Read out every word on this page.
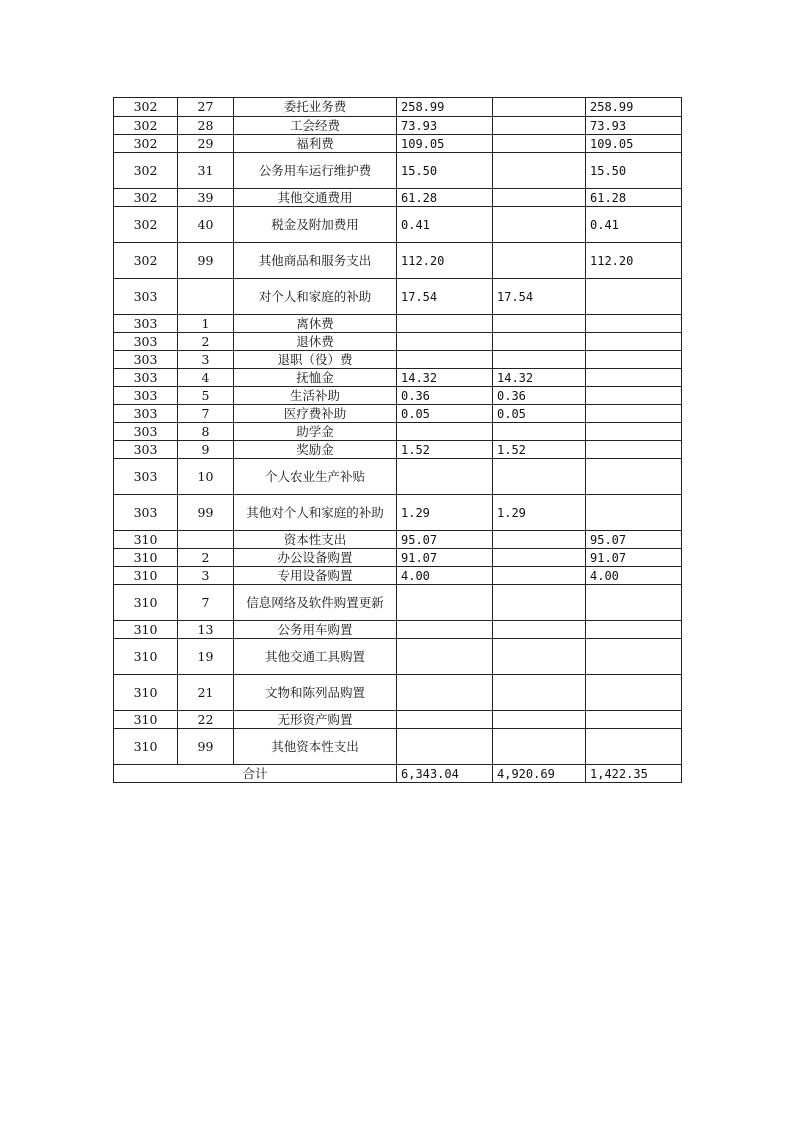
302	27	委托业务费	258.99		258.99
302	28	工会经费	73.93		73.93
302	29	福利费	109.05		109.05
302	31	公务用车运行维护费	15.50		15.50
302	39	其他交通费用	61.28		61.28
302	40	税金及附加费用	0.41		0.41
302	99	其他商品和服务支出	112.20		112.20
303		对个人和家庭的补助	17.54	17.54	
303	1	离休费			
303	2	退休费			
303	3	退职（役）费			
303	4	抚恤金	14.32	14.32	
303	5	生活补助	0.36	0.36	
303	7	医疗费补助	0.05	0.05	
303	8	助学金			
303	9	奖励金	1.52	1.52	
303	10	个人农业生产补贴			
303	99	其他对个人和家庭的补助	1.29	1.29	
310		资本性支出	95.07		95.07
310	2	办公设备购置	91.07		91.07
310	3	专用设备购置	4.00		4.00
310	7	信息网络及软件购置更新			
310	13	公务用车购置			
310	19	其他交通工具购置			
310	21	文物和陈列品购置			
310	22	无形资产购置			
310	99	其他资本性支出			
合计			6,343.04	4,920.69	1,422.35
